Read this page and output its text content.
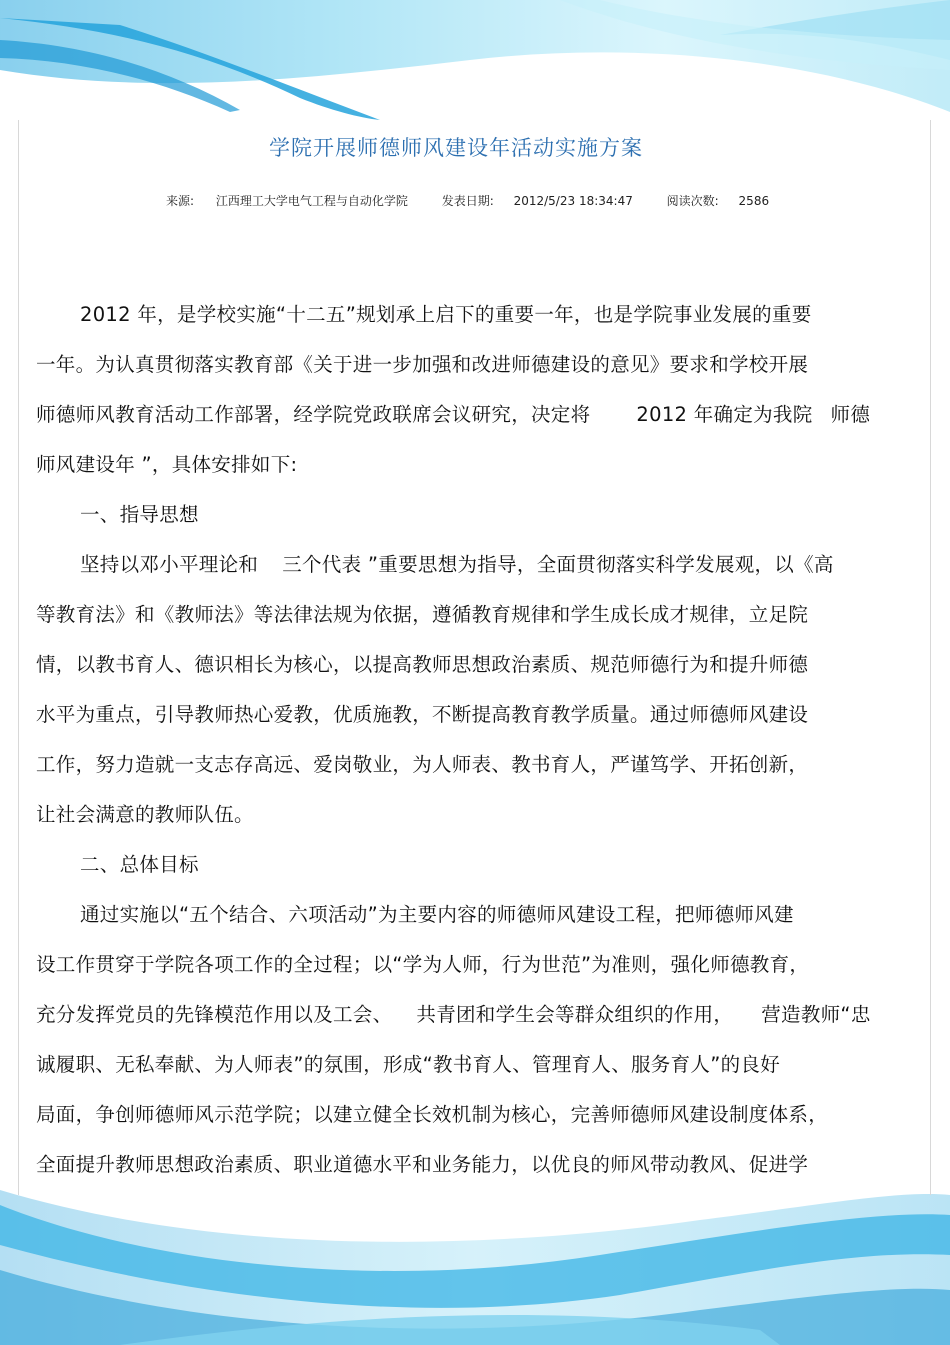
学院开展师德师风建设年活动实施方案
来源: 江西理工大学电气工程与自动化学院	发表日期: 2012/5/23 18:34:47	阅读次数: 2586
2012 年，是学校实施“十二五”规划承上启下的重要一年，也是学院事业发展的重要
一年。为认真贯彻落实教育部《关于进一步加强和改进师德建设的意见》要求和学校开展
师德师风教育活动工作部署，经学院党政联席会议研究，决定将 2012 年确定为我院 师德
师风建设年 ”，具体安排如下:
一、指导思想
坚持以邓小平理论和 三个代表 ”重要思想为指导，全面贯彻落实科学发展观，以《高
等教育法》和《教师法》等法律法规为依据，遵循教育规律和学生成长成才规律，立足院
情，以教书育人、德识相长为核心，以提高教师思想政治素质、规范师德行为和提升师德
水平为重点，引导教师热心爱教，优质施教，不断提高教育教学质量。通过师德师风建设
工作，努力造就一支志存高远、爱岗敬业，为人师表、教书育人，严谨笃学、开拓创新，
让社会满意的教师队伍。
二、总体目标
通过实施以“五个结合、六项活动”为主要内容的师德师风建设工程，把师德师风建
设工作贯穿于学院各项工作的全过程；以“学为人师，行为世范”为准则，强化师德教育，
充分发挥党员的先锋模范作用以及工会、 共青团和学生会等群众组织的作用， 营造教师“忠
诚履职、无私奉献、为人师表”的氛围，形成“教书育人、管理育人、服务育人”的良好
局面，争创师德师风示范学院；以建立健全长效机制为核心，完善师德师风建设制度体系，
全面提升教师思想政治素质、职业道德水平和业务能力，以优良的师风带动教风、促进学
